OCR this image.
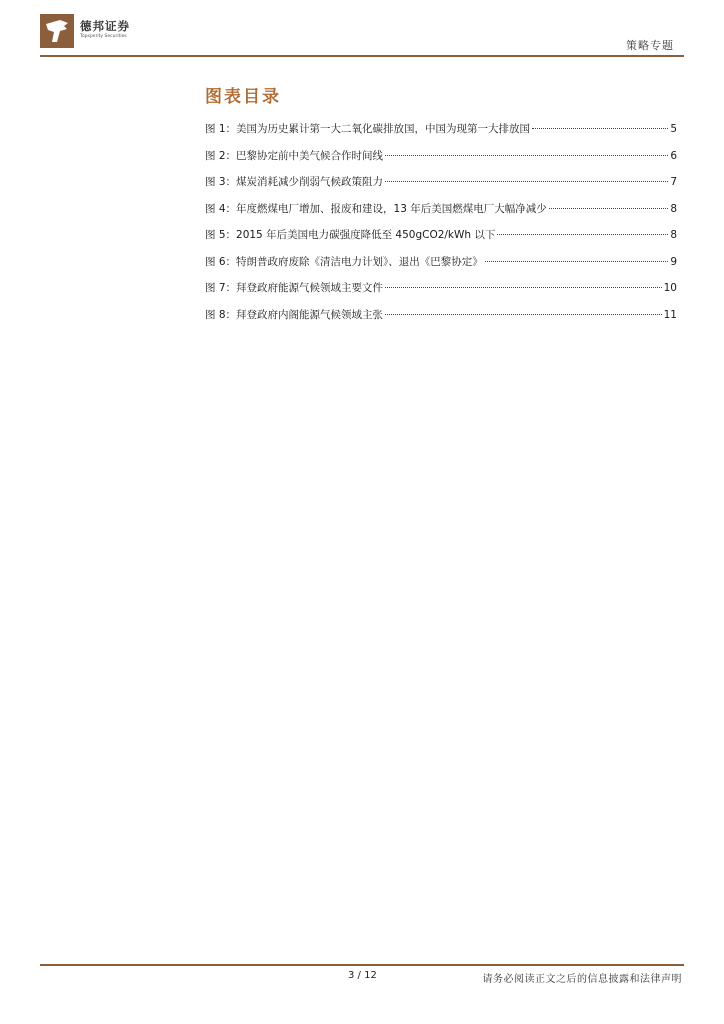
德邦证券
Topsperity Securities
策略专题
图表目录
图 1：美国为历史累计第一大二氧化碳排放国，中国为现第一大排放国	5
图 2：巴黎协定前中美气候合作时间线	6
图 3：煤炭消耗减少削弱气候政策阻力	7
图 4：年度燃煤电厂增加、报废和建设，13 年后美国燃煤电厂大幅净减少	8
图 5：2015 年后美国电力碳强度降低至 450gCO2/kWh 以下	8
图 6：特朗普政府废除《清洁电力计划》、退出《巴黎协定》	9
图 7：拜登政府能源气候领域主要文件	10
图 8：拜登政府内阁能源气候领域主张	11
3 / 12	请务必阅读正文之后的信息披露和法律声明
